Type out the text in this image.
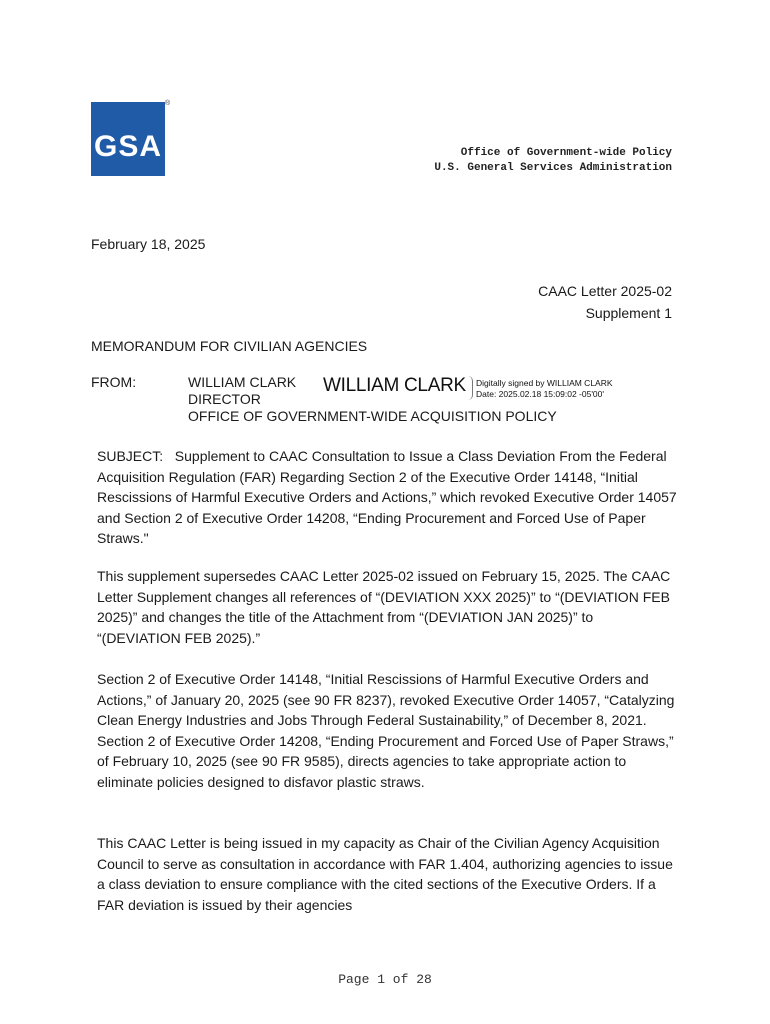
GSA
®
Office of Government-wide Policy
U.S. General Services Administration
February 18, 2025
CAAC Letter 2025-02
Supplement 1
MEMORANDUM FOR CIVILIAN AGENCIES
FROM:	WILLIAM CLARK
DIRECTOR
OFFICE OF GOVERNMENT-WIDE ACQUISITION POLICY
WILLIAM CLARK Digitally signed by WILLIAM CLARK
Date: 2025.02.18 15:09:02 -05'00'
SUBJECT: Supplement to CAAC Consultation to Issue a Class Deviation From the Federal Acquisition Regulation (FAR) Regarding Section 2 of the Executive Order 14148, “Initial Rescissions of Harmful Executive Orders and Actions,” which revoked Executive Order 14057 and Section 2 of Executive Order 14208, “Ending Procurement and Forced Use of Paper Straws."
This supplement supersedes CAAC Letter 2025-02 issued on February 15, 2025. The CAAC Letter Supplement changes all references of “(DEVIATION XXX 2025)” to “(DEVIATION FEB 2025)” and changes the title of the Attachment from “(DEVIATION JAN 2025)” to “(DEVIATION FEB 2025).”
Section 2 of Executive Order 14148, “Initial Rescissions of Harmful Executive Orders and Actions,” of January 20, 2025 (see 90 FR 8237), revoked Executive Order 14057, “Catalyzing Clean Energy Industries and Jobs Through Federal Sustainability,” of December 8, 2021. Section 2 of Executive Order 14208, “Ending Procurement and Forced Use of Paper Straws,” of February 10, 2025 (see 90 FR 9585), directs agencies to take appropriate action to eliminate policies designed to disfavor plastic straws.
This CAAC Letter is being issued in my capacity as Chair of the Civilian Agency Acquisition Council to serve as consultation in accordance with FAR 1.404, authorizing agencies to issue a class deviation to ensure compliance with the cited sections of the Executive Orders. If a FAR deviation is issued by their agencies
Page 1 of 28
